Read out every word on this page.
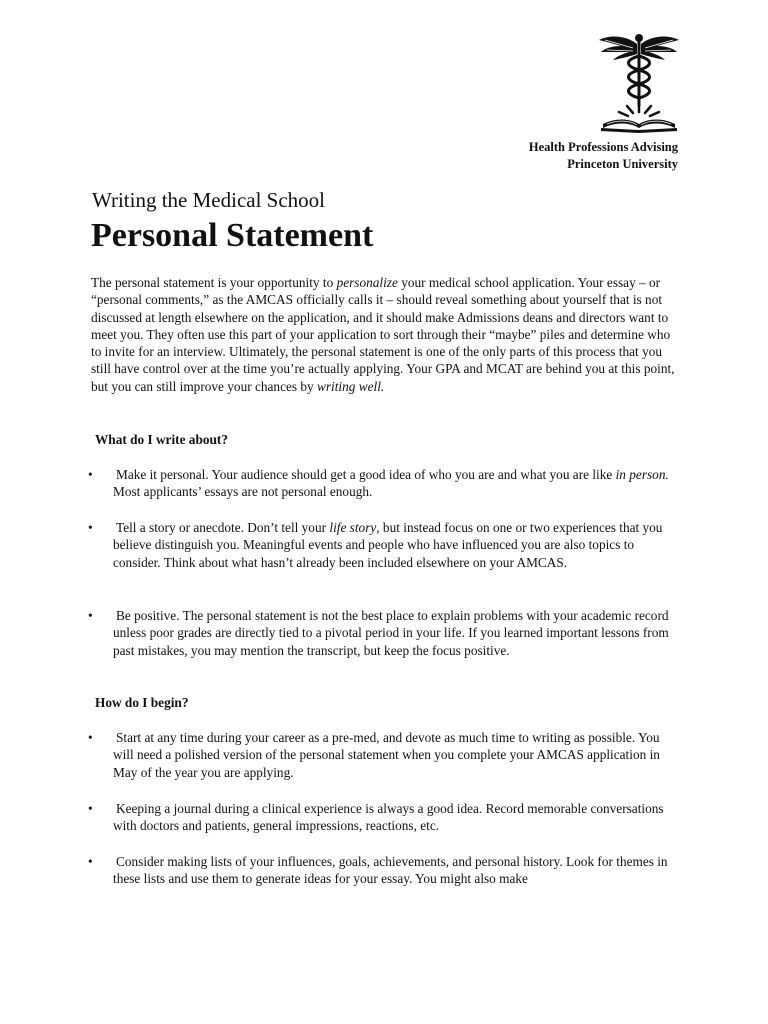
Health Professions Advising
Princeton University
Writing the Medical School
Personal Statement
The personal statement is your opportunity to personalize your medical school application. Your essay – or “personal comments,” as the AMCAS officially calls it – should reveal something about yourself that is not discussed at length elsewhere on the application, and it should make Admissions deans and directors want to meet you. They often use this part of your application to sort through their “maybe” piles and determine who to invite for an interview. Ultimately, the personal statement is one of the only parts of this process that you still have control over at the time you’re actually applying. Your GPA and MCAT are behind you at this point, but you can still improve your chances by writing well.
What do I write about?
• Make it personal. Your audience should get a good idea of who you are and what you are like in person. Most applicants’ essays are not personal enough.
• Tell a story or anecdote. Don’t tell your life story, but instead focus on one or two experiences that you believe distinguish you. Meaningful events and people who have influenced you are also topics to consider. Think about what hasn’t already been included elsewhere on your AMCAS.
• Be positive. The personal statement is not the best place to explain problems with your academic record unless poor grades are directly tied to a pivotal period in your life. If you learned important lessons from past mistakes, you may mention the transcript, but keep the focus positive.
How do I begin?
• Start at any time during your career as a pre-med, and devote as much time to writing as possible. You will need a polished version of the personal statement when you complete your AMCAS application in May of the year you are applying.
• Keeping a journal during a clinical experience is always a good idea. Record memorable conversations with doctors and patients, general impressions, reactions, etc.
• Consider making lists of your influences, goals, achievements, and personal history. Look for themes in these lists and use them to generate ideas for your essay. You might also make
